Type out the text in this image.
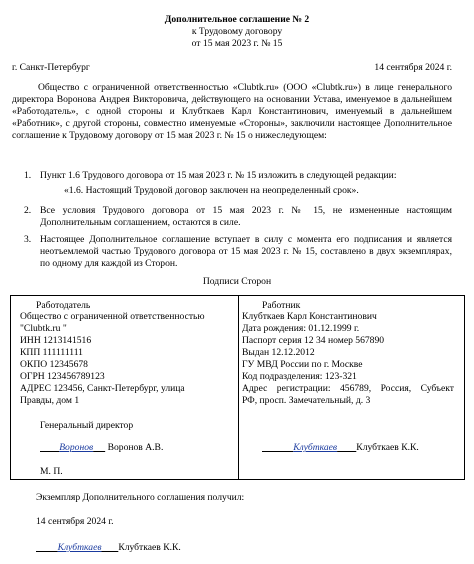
Дополнительное соглашение № 2
к Трудовому договору
от 15 мая 2023 г. № 15
г. Санкт-Петербург	14 сентября 2024 г.
Общество с ограниченной ответственностью «Clubtk.ru» (ООО «Clubtk.ru») в лице генерального директора Воронова Андрея Викторовича, действующего на основании Устава, именуемое в дальнейшем «Работодатель», с одной стороны и Клубткаев Карл Константинович, именуемый в дальнейшем «Работник», с другой стороны, совместно именуемые «Стороны», заключили настоящее Дополнительное соглашение к Трудовому договору от 15 мая 2023 г. № 15 о нижеследующем:
1. Пункт 1.6 Трудового договора от 15 мая 2023 г. № 15 изложить в следующей редакции:
«1.6. Настоящий Трудовой договор заключен на неопределенный срок».
2. Все условия Трудового договора от 15 мая 2023 г. № 15, не измененные настоящим Дополнительным соглашением, остаются в силе.
3. Настоящее Дополнительное соглашение вступает в силу с момента его подписания и является неотъемлемой частью Трудового договора от 15 мая 2023 г. № 15, составлено в двух экземплярах, по одному для каждой из Сторон.
Подписи Сторон
Работодатель
Общество с ограниченной ответственностью
"Clubtk.ru "
ИНН 1213141516
КПП 111111111
ОКПО 12345678
ОГРН 123456789123
АДРЕС 123456, Санкт-Петербург, улица
Правды, дом 1
Генеральный директор
Воронов Воронов А.В.
М. П.
Работник
Клубткаев Карл Константинович
Дата рождения: 01.12.1999 г.
Паспорт серия 12 34 номер 567890
Выдан 12.12.2012
ГУ МВД России по г. Москве
Код подразделения: 123-321
Адрес регистрации: 456789, Россия, Субъект
РФ, просп. Замечательный, д. 3
Клубткаев Клубткаев К.К.
Экземпляр Дополнительного соглашения получил:
14 сентября 2024 г.
Клубткаев Клубткаев К.К.
